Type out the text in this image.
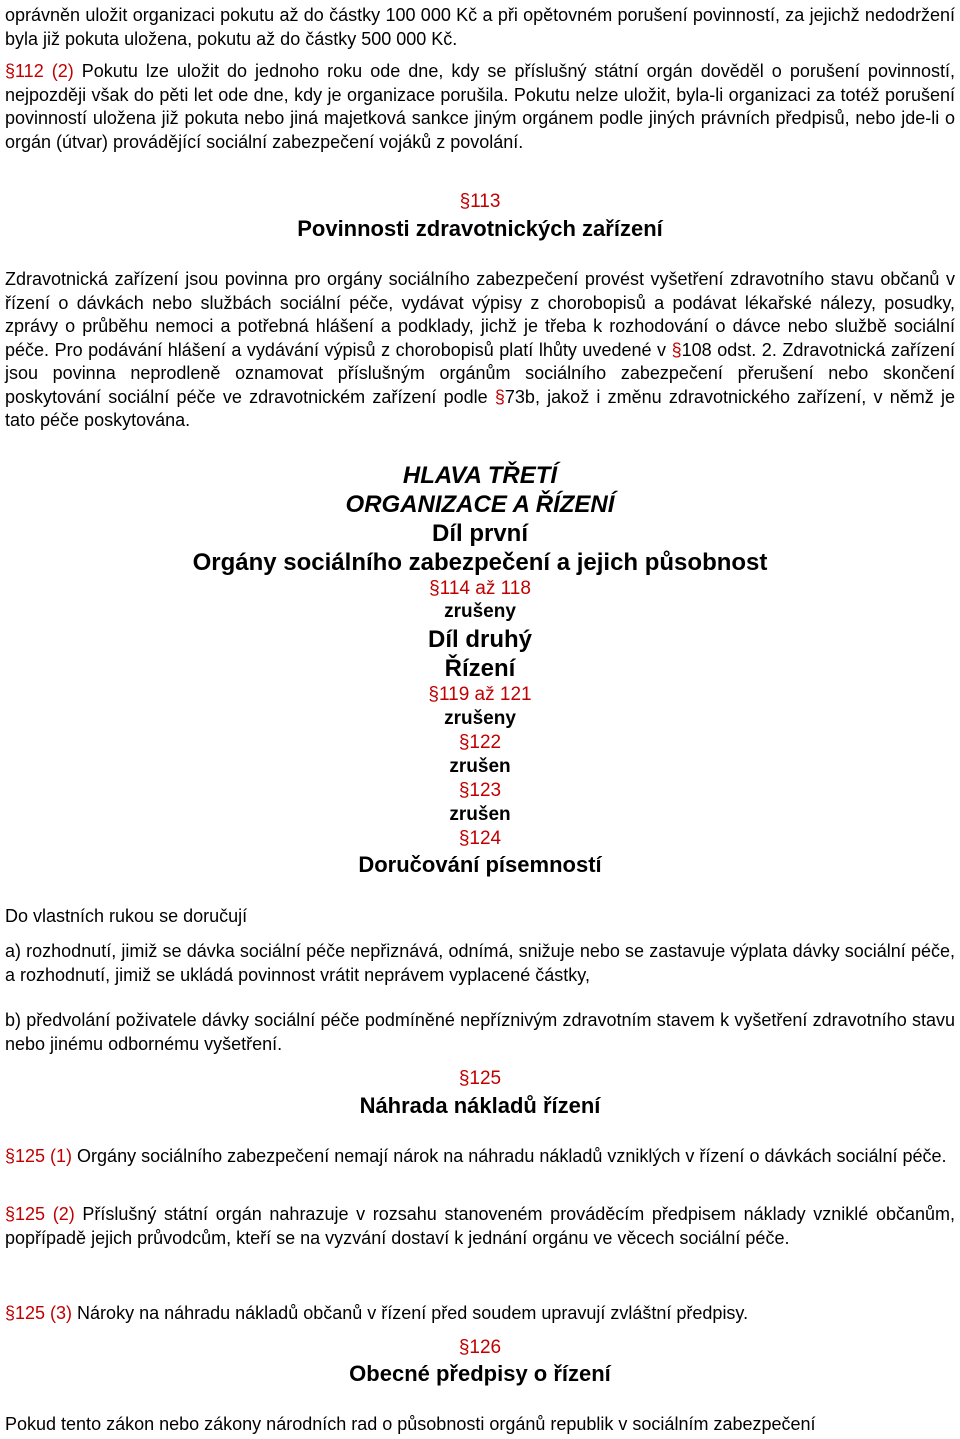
oprávněn uložit organizaci pokutu až do částky 100 000 Kč a při opětovném porušení povinností, za jejichž nedodržení byla již pokuta uložena, pokutu až do částky 500 000 Kč.

§112 (2) Pokutu lze uložit do jednoho roku ode dne, kdy se příslušný státní orgán dověděl o porušení povinností, nejpozději však do pěti let ode dne, kdy je organizace porušila. Pokutu nelze uložit, byla-li organizaci za totéž porušení povinností uložena již pokuta nebo jiná majetková sankce jiným orgánem podle jiných právních předpisů, nebo jde-li o orgán (útvar) provádějící sociální zabezpečení vojáků z povolání.

§113

Povinnosti zdravotnických zařízení

Zdravotnická zařízení jsou povinna pro orgány sociálního zabezpečení provést vyšetření zdravotního stavu občanů v řízení o dávkách nebo službách sociální péče, vydávat výpisy z chorobopisů a podávat lékařské nálezy, posudky, zprávy o průběhu nemoci a potřebná hlášení a podklady, jichž je třeba k rozhodování o dávce nebo službě sociální péče. Pro podávání hlášení a vydávání výpisů z chorobopisů platí lhůty uvedené v §108 odst. 2. Zdravotnická zařízení jsou povinna neprodleně oznamovat příslušným orgánům sociálního zabezpečení přerušení nebo skončení poskytování sociální péče ve zdravotnickém zařízení podle §73b, jakož i změnu zdravotnického zařízení, v němž je tato péče poskytována.

HLAVA TŘETÍ

ORGANIZACE A ŘÍZENÍ

Díl první

Orgány sociálního zabezpečení a jejich působnost

§114 až 118

zrušeny

Díl druhý

Řízení

§119 až 121

zrušeny

§122

zrušen

§123

zrušen

§124

Doručování písemností

Do vlastních rukou se doručují

a) rozhodnutí, jimiž se dávka sociální péče nepřiznává, odnímá, snižuje nebo se zastavuje výplata dávky sociální péče, a rozhodnutí, jimiž se ukládá povinnost vrátit neprávem vyplacené částky,

b) předvolání poživatele dávky sociální péče podmíněné nepříznivým zdravotním stavem k vyšetření zdravotního stavu nebo jinému odbornému vyšetření.

§125

Náhrada nákladů řízení

§125 (1) Orgány sociálního zabezpečení nemají nárok na náhradu nákladů vzniklých v řízení o dávkách sociální péče.

§125 (2) Příslušný státní orgán nahrazuje v rozsahu stanoveném prováděcím předpisem náklady vzniklé občanům, popřípadě jejich průvodcům, kteří se na vyzvání dostaví k jednání orgánu ve věcech sociální péče.

§125 (3) Nároky na náhradu nákladů občanů v řízení před soudem upravují zvláštní předpisy.

§126

Obecné předpisy o řízení

Pokud tento zákon nebo zákony národních rad o působnosti orgánů republik v sociálním zabezpečení
